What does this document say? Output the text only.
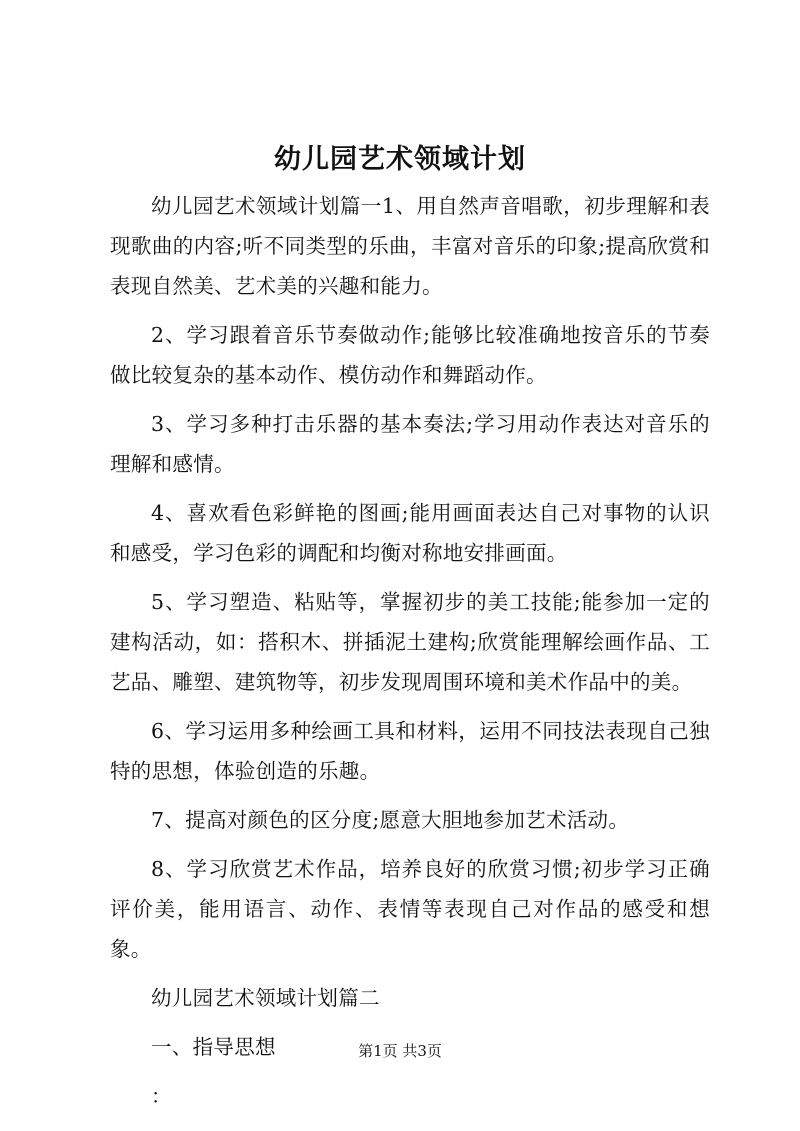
幼儿园艺术领域计划

幼儿园艺术领域计划篇一1、用自然声音唱歌，初步理解和表现歌曲的内容;听不同类型的乐曲，丰富对音乐的印象;提高欣赏和表现自然美、艺术美的兴趣和能力。

2、学习跟着音乐节奏做动作;能够比较准确地按音乐的节奏做比较复杂的基本动作、模仿动作和舞蹈动作。

3、学习多种打击乐器的基本奏法;学习用动作表达对音乐的理解和感情。

4、喜欢看色彩鲜艳的图画;能用画面表达自己对事物的认识和感受，学习色彩的调配和均衡对称地安排画面。

5、学习塑造、粘贴等，掌握初步的美工技能;能参加一定的建构活动，如：搭积木、拼插泥土建构;欣赏能理解绘画作品、工艺品、雕塑、建筑物等，初步发现周围环境和美术作品中的美。

6、学习运用多种绘画工具和材料，运用不同技法表现自己独特的思想，体验创造的乐趣。

7、提高对颜色的区分度;愿意大胆地参加艺术活动。

8、学习欣赏艺术作品，培养良好的欣赏习惯;初步学习正确评价美，能用语言、动作、表情等表现自己对作品的感受和想象。

幼儿园艺术领域计划篇二

一、指导思想

：

第1页 共3页
